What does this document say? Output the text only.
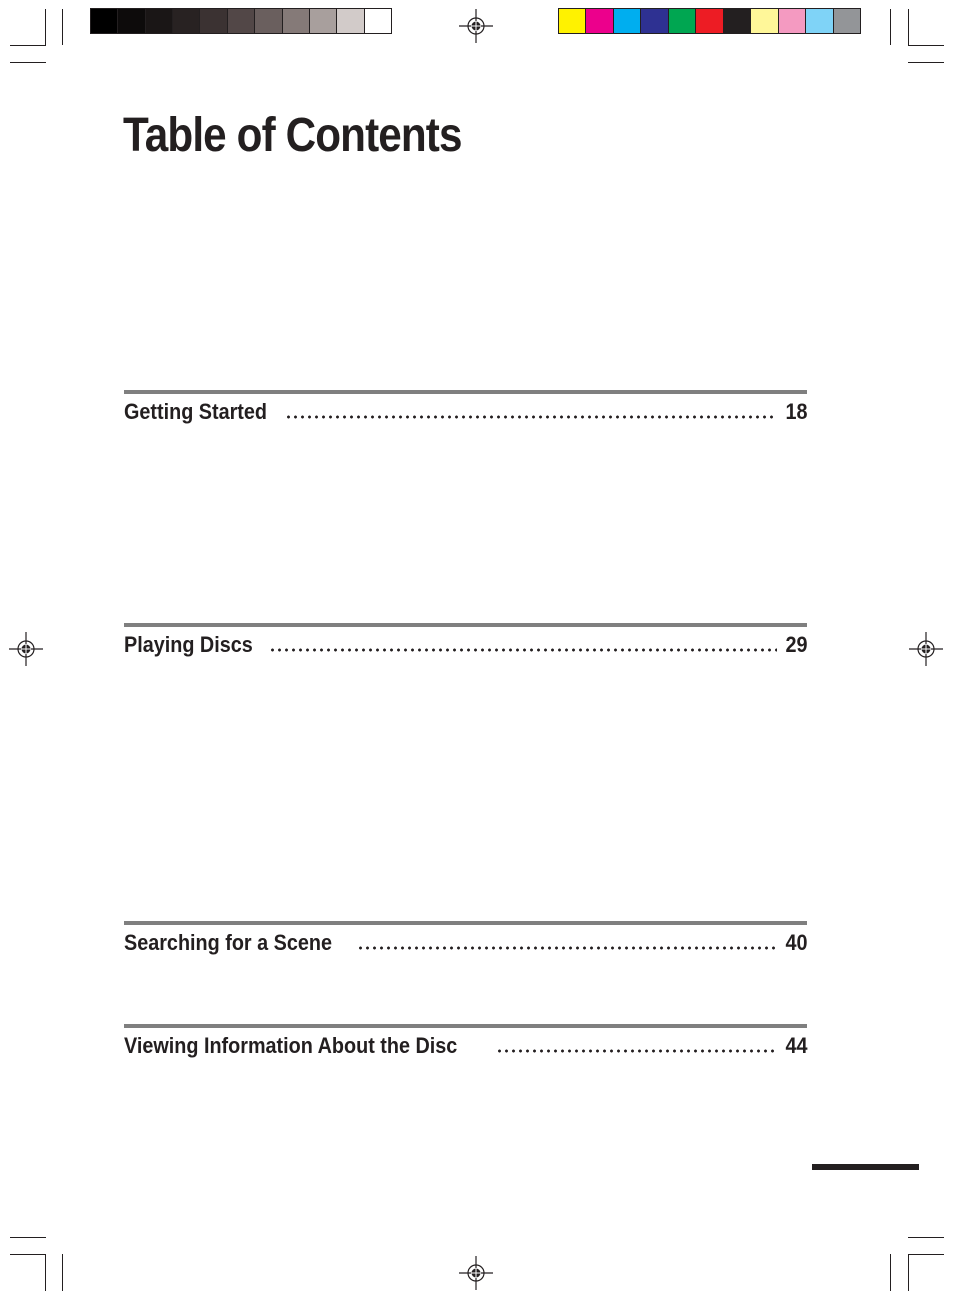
Table of Contents
Getting Started	18
Playing Discs	29
Searching for a Scene	40
Viewing Information About the Disc	44
